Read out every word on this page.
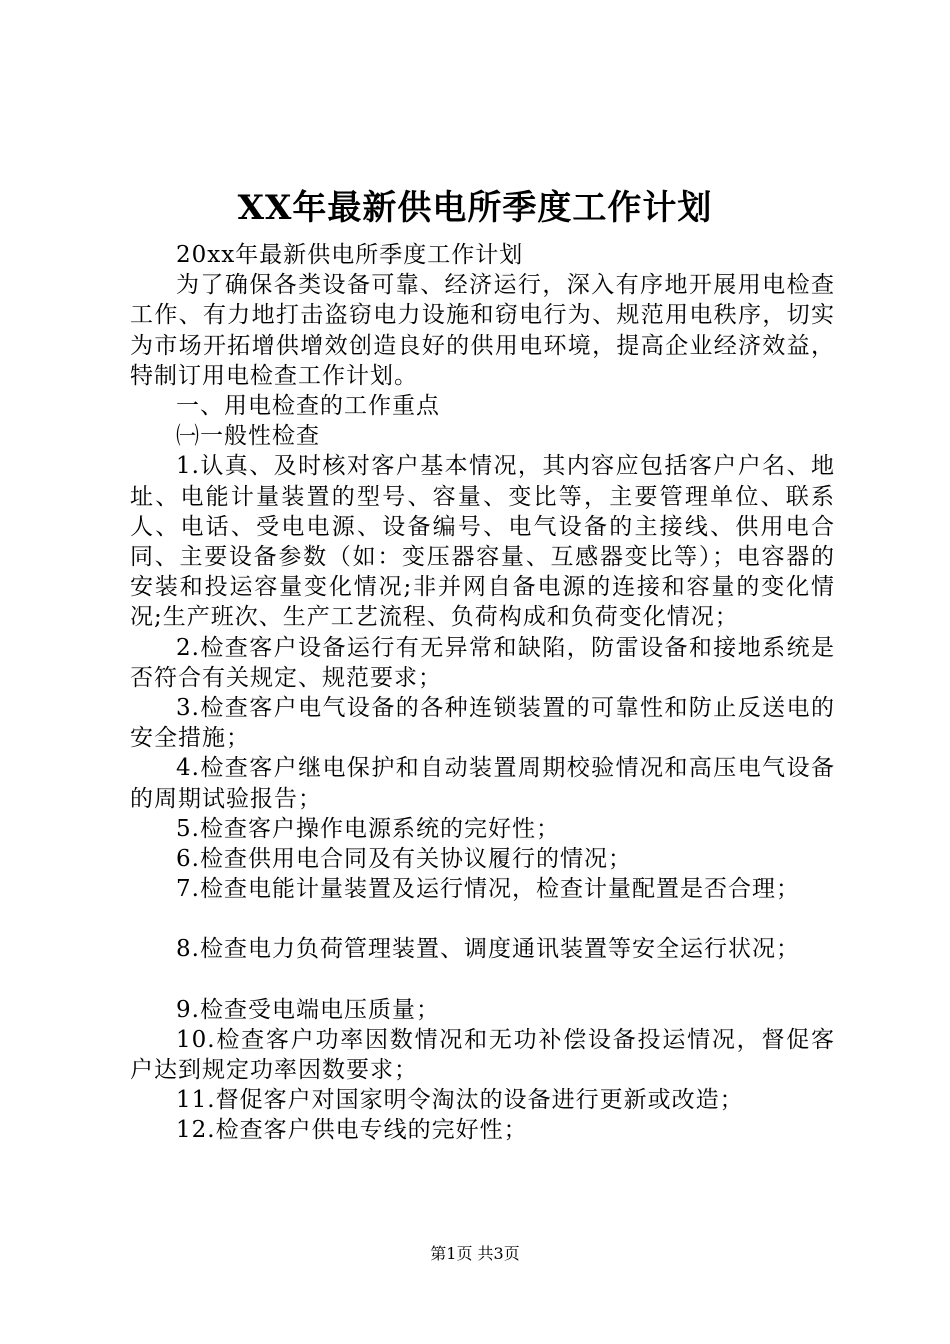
XX年最新供电所季度工作计划

20xx年最新供电所季度工作计划

为了确保各类设备可靠、经济运行，深入有序地开展用电检查工作、有力地打击盗窃电力设施和窃电行为、规范用电秩序，切实为市场开拓增供增效创造良好的供用电环境，提高企业经济效益，特制订用电检查工作计划。

一、用电检查的工作重点

㈠一般性检查

1.认真、及时核对客户基本情况，其内容应包括客户户名、地址、电能计量装置的型号、容量、变比等，主要管理单位、联系人、电话、受电电源、设备编号、电气设备的主接线、供用电合同、主要设备参数（如：变压器容量、互感器变比等）；电容器的安装和投运容量变化情况;非并网自备电源的连接和容量的变化情况;生产班次、生产工艺流程、负荷构成和负荷变化情况；

2.检查客户设备运行有无异常和缺陷，防雷设备和接地系统是否符合有关规定、规范要求；

3.检查客户电气设备的各种连锁装置的可靠性和防止反送电的安全措施；

4.检查客户继电保护和自动装置周期校验情况和高压电气设备的周期试验报告；

5.检查客户操作电源系统的完好性；

6.检查供用电合同及有关协议履行的情况；

7.检查电能计量装置及运行情况，检查计量配置是否合理；

8.检查电力负荷管理装置、调度通讯装置等安全运行状况；

9.检查受电端电压质量；

10.检查客户功率因数情况和无功补偿设备投运情况，督促客户达到规定功率因数要求；

11.督促客户对国家明令淘汰的设备进行更新或改造；

12.检查客户供电专线的完好性；

第1页 共3页
